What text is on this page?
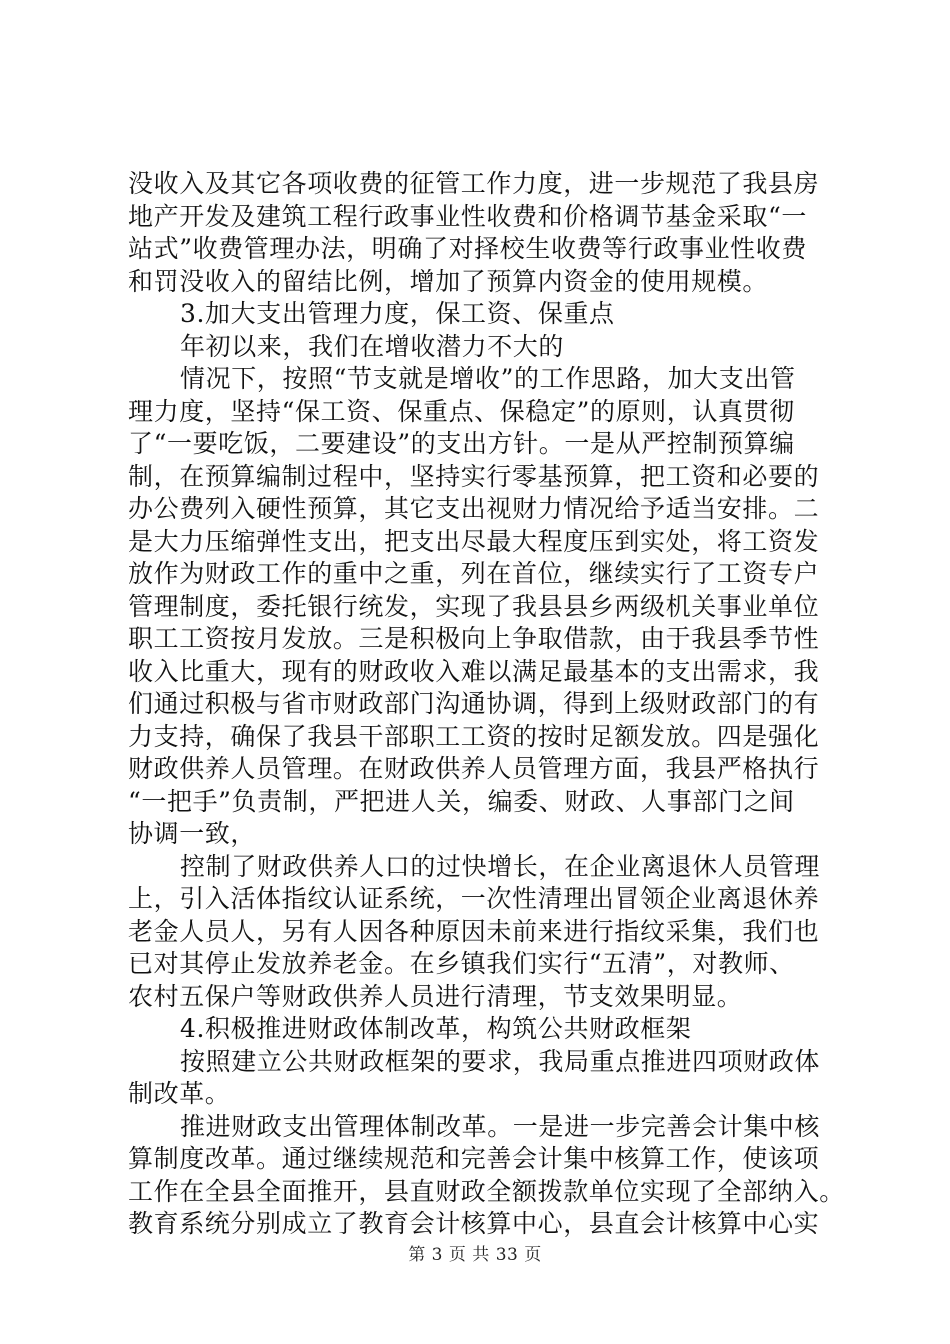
没收入及其它各项收费的征管工作力度，进一步规范了我县房
地产开发及建筑工程行政事业性收费和价格调节基金采取“一
站式”收费管理办法，明确了对择校生收费等行政事业性收费
和罚没收入的留结比例，增加了预算内资金的使用规模。
3.加大支出管理力度，保工资、保重点
年初以来，我们在增收潜力不大的
情况下，按照“节支就是增收”的工作思路，加大支出管
理力度，坚持“保工资、保重点、保稳定”的原则，认真贯彻
了“一要吃饭，二要建设”的支出方针。一是从严控制预算编
制，在预算编制过程中，坚持实行零基预算，把工资和必要的
办公费列入硬性预算，其它支出视财力情况给予适当安排。二
是大力压缩弹性支出，把支出尽最大程度压到实处，将工资发
放作为财政工作的重中之重，列在首位，继续实行了工资专户
管理制度，委托银行统发，实现了我县县乡两级机关事业单位
职工工资按月发放。三是积极向上争取借款，由于我县季节性
收入比重大，现有的财政收入难以满足最基本的支出需求，我
们通过积极与省市财政部门沟通协调，得到上级财政部门的有
力支持，确保了我县干部职工工资的按时足额发放。四是强化
财政供养人员管理。在财政供养人员管理方面，我县严格执行
“一把手”负责制，严把进人关，编委、财政、人事部门之间
协调一致，
控制了财政供养人口的过快增长，在企业离退休人员管理
上，引入活体指纹认证系统，一次性清理出冒领企业离退休养
老金人员人，另有人因各种原因未前来进行指纹采集，我们也
已对其停止发放养老金。在乡镇我们实行“五清”，对教师、
农村五保户等财政供养人员进行清理，节支效果明显。
4.积极推进财政体制改革，构筑公共财政框架
按照建立公共财政框架的要求，我局重点推进四项财政体
制改革。
推进财政支出管理体制改革。一是进一步完善会计集中核
算制度改革。通过继续规范和完善会计集中核算工作，使该项
工作在全县全面推开，县直财政全额拨款单位实现了全部纳入。
教育系统分别成立了教育会计核算中心，县直会计核算中心实
第 3 页 共 33 页
